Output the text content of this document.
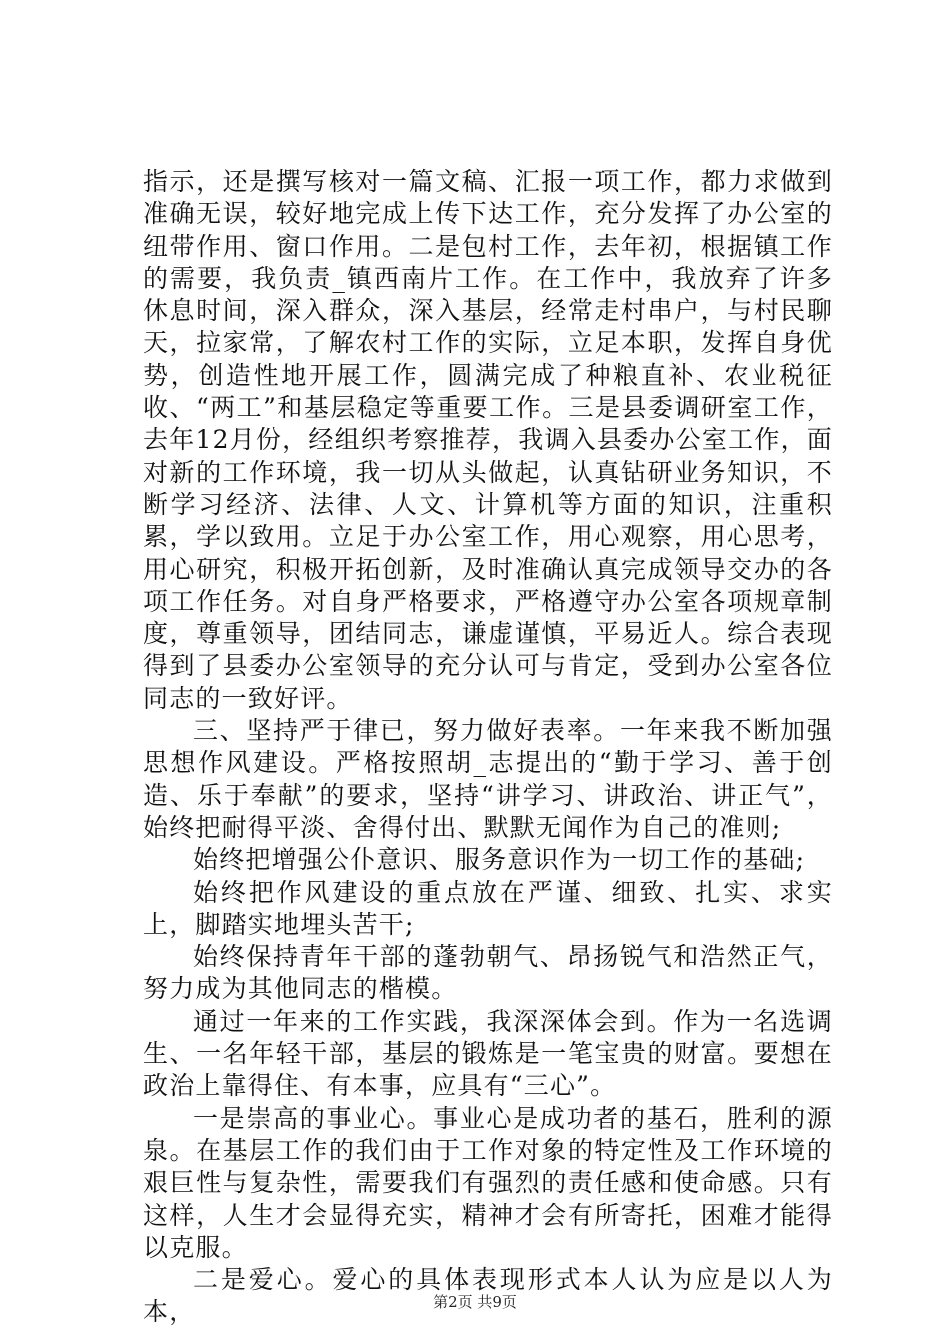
指示，还是撰写核对一篇文稿、汇报一项工作，都力求做到准确无误，较好地完成上传下达工作，充分发挥了办公室的纽带作用、窗口作用。二是包村工作，去年初，根据镇工作的需要，我负责_镇西南片工作。在工作中，我放弃了许多休息时间，深入群众，深入基层，经常走村串户，与村民聊天，拉家常，了解农村工作的实际，立足本职，发挥自身优势，创造性地开展工作，圆满完成了种粮直补、农业税征收、“两工”和基层稳定等重要工作。三是县委调研室工作，去年12月份，经组织考察推荐，我调入县委办公室工作，面对新的工作环境，我一切从头做起，认真钻研业务知识，不断学习经济、法律、人文、计算机等方面的知识，注重积累，学以致用。立足于办公室工作，用心观察，用心思考，用心研究，积极开拓创新，及时准确认真完成领导交办的各项工作任务。对自身严格要求，严格遵守办公室各项规章制度，尊重领导，团结同志，谦虚谨慎，平易近人。综合表现得到了县委办公室领导的充分认可与肯定，受到办公室各位同志的一致好评。

三、坚持严于律已，努力做好表率。一年来我不断加强思想作风建设。严格按照胡_志提出的“勤于学习、善于创造、乐于奉献”的要求，坚持“讲学习、讲政治、讲正气”，始终把耐得平淡、舍得付出、默默无闻作为自己的准则;

始终把增强公仆意识、服务意识作为一切工作的基础;

始终把作风建设的重点放在严谨、细致、扎实、求实上，脚踏实地埋头苦干;

始终保持青年干部的蓬勃朝气、昂扬锐气和浩然正气，努力成为其他同志的楷模。

通过一年来的工作实践，我深深体会到。作为一名选调生、一名年轻干部，基层的锻炼是一笔宝贵的财富。要想在政治上靠得住、有本事，应具有“三心”。

一是崇高的事业心。事业心是成功者的基石，胜利的源泉。在基层工作的我们由于工作对象的特定性及工作环境的艰巨性与复杂性，需要我们有强烈的责任感和使命感。只有这样，人生才会显得充实，精神才会有所寄托，困难才能得以克服。

二是爱心。爱心的具体表现形式本人认为应是以人为本，	第2页 共9页
